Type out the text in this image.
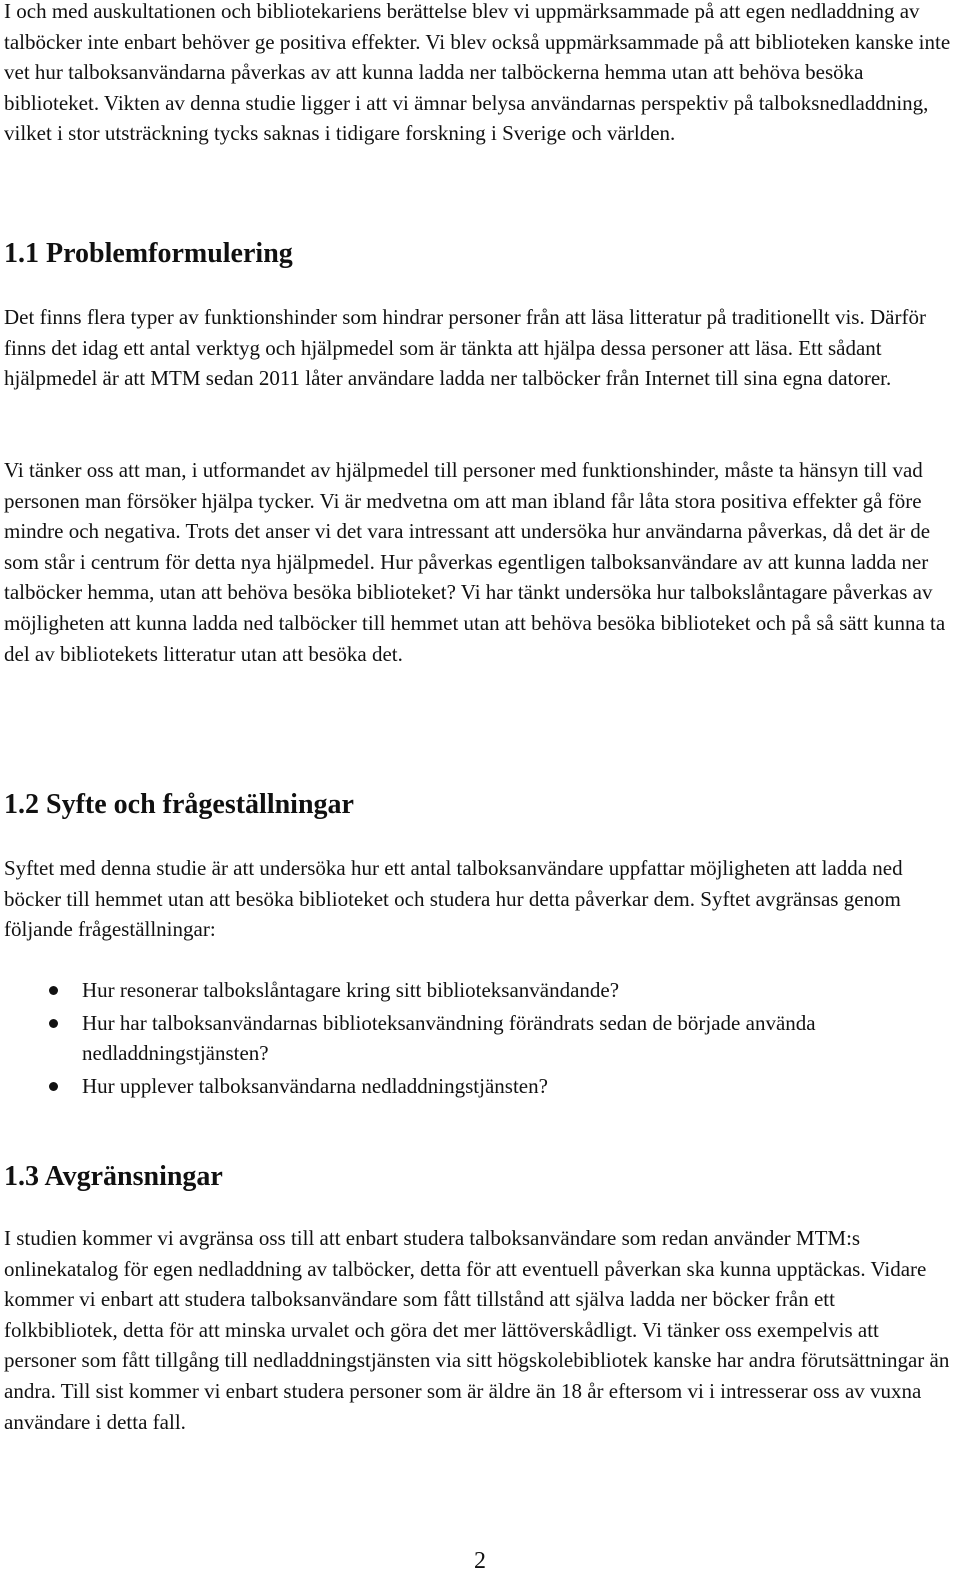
I och med auskultationen och bibliotekariens berättelse blev vi uppmärksammade på att egen nedladdning av talböcker inte enbart behöver ge positiva effekter. Vi blev också uppmärksammade på att biblioteken kanske inte vet hur talboksanvändarna påverkas av att kunna ladda ner talböckerna hemma utan att behöva besöka biblioteket. Vikten av denna studie ligger i att vi ämnar belysa användarnas perspektiv på talboksnedladdning, vilket i stor utsträckning tycks saknas i tidigare forskning i Sverige och världen.

1.1 Problemformulering

Det finns flera typer av funktionshinder som hindrar personer från att läsa litteratur på traditionellt vis. Därför finns det idag ett antal verktyg och hjälpmedel som är tänkta att hjälpa dessa personer att läsa. Ett sådant hjälpmedel är att MTM sedan 2011 låter användare ladda ner talböcker från Internet till sina egna datorer.

Vi tänker oss att man, i utformandet av hjälpmedel till personer med funktionshinder, måste ta hänsyn till vad personen man försöker hjälpa tycker. Vi är medvetna om att man ibland får låta stora positiva effekter gå före mindre och negativa. Trots det anser vi det vara intressant att undersöka hur användarna påverkas, då det är de som står i centrum för detta nya hjälpmedel. Hur påverkas egentligen talboksanvändare av att kunna ladda ner talböcker hemma, utan att behöva besöka biblioteket? Vi har tänkt undersöka hur talbokslåntagare påverkas av möjligheten att kunna ladda ned talböcker till hemmet utan att behöva besöka biblioteket och på så sätt kunna ta del av bibliotekets litteratur utan att besöka det.

1.2 Syfte och frågeställningar

Syftet med denna studie är att undersöka hur ett antal talboksanvändare uppfattar möjligheten att ladda ned böcker till hemmet utan att besöka biblioteket och studera hur detta påverkar dem. Syftet avgränsas genom följande frågeställningar:

Hur resonerar talbokslåntagare kring sitt biblioteksanvändande?
Hur har talboksanvändarnas biblioteksanvändning förändrats sedan de började använda nedladdningstjänsten?
Hur upplever talboksanvändarna nedladdningstjänsten?
1.3 Avgränsningar

I studien kommer vi avgränsa oss till att enbart studera talboksanvändare som redan använder MTM:s onlinekatalog för egen nedladdning av talböcker, detta för att eventuell påverkan ska kunna upptäckas. Vidare kommer vi enbart att studera talboksanvändare som fått tillstånd att själva ladda ner böcker från ett folkbibliotek, detta för att minska urvalet och göra det mer lättöverskådligt. Vi tänker oss exempelvis att personer som fått tillgång till nedladdningstjänsten via sitt högskolebibliotek kanske har andra förutsättningar än andra. Till sist kommer vi enbart studera personer som är äldre än 18 år eftersom vi i intresserar oss av vuxna användare i detta fall.

2
